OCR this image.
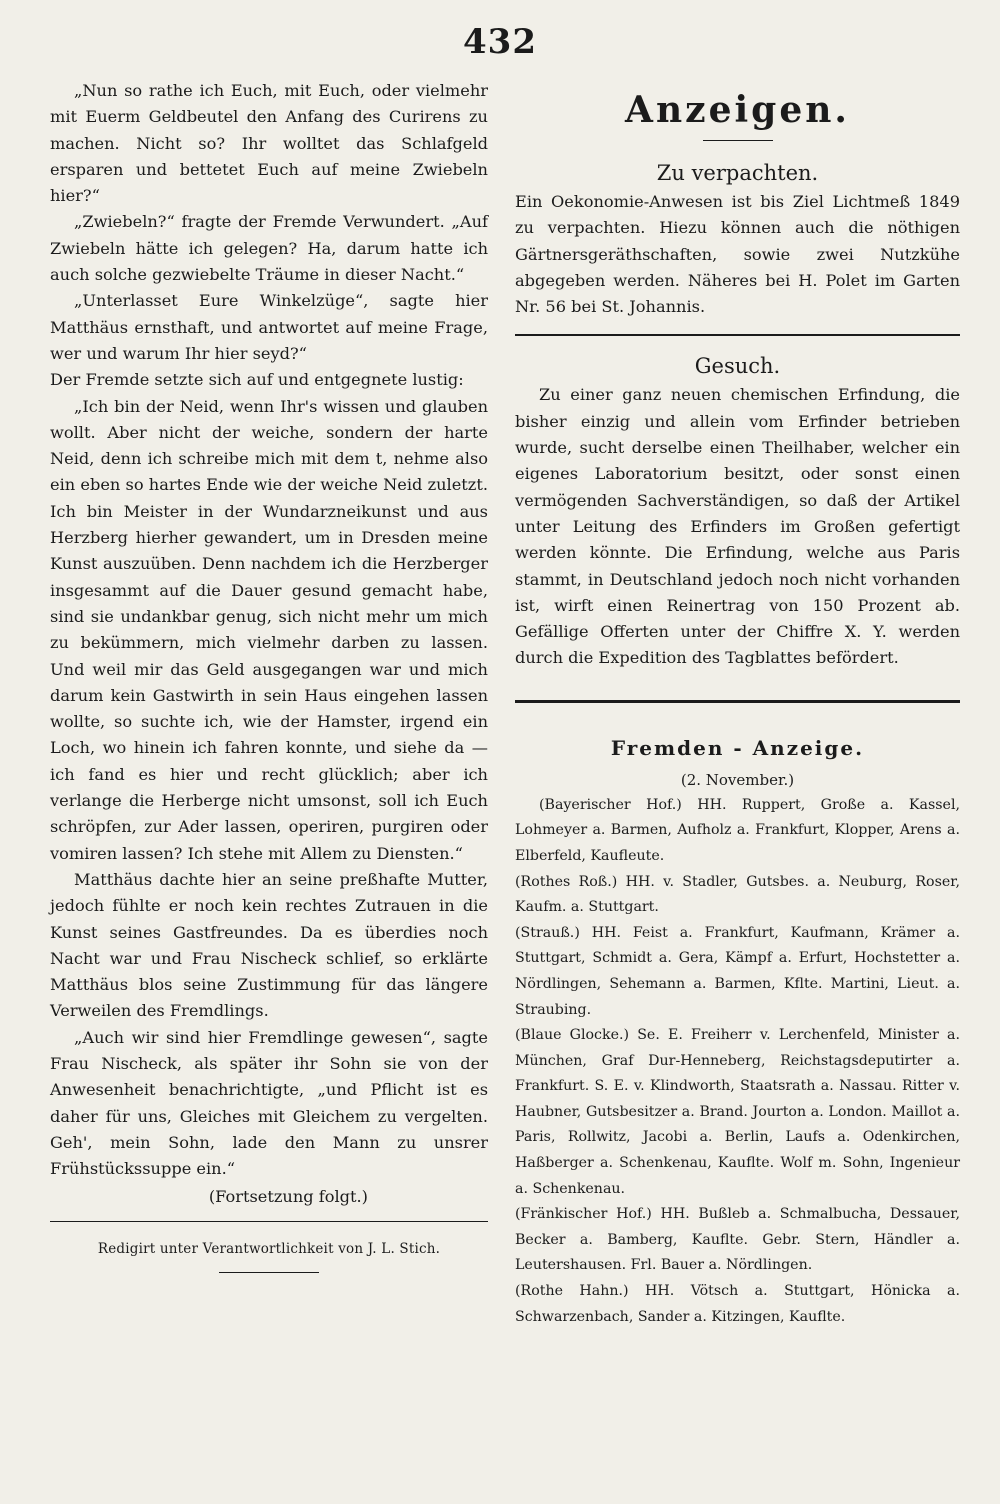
432

„Nun so rathe ich Euch, mit Euch, oder vielmehr mit Euerm Geldbeutel den Anfang des Curirens zu machen. Nicht so? Ihr wolltet das Schlafgeld ersparen und bettetet Euch auf meine Zwiebeln hier?“

„Zwiebeln?“ fragte der Fremde Verwundert. „Auf Zwiebeln hätte ich gelegen? Ha, darum hatte ich auch solche gezwiebelte Träume in dieser Nacht.“

„Unterlasset Eure Winkelzüge“, sagte hier Matthäus ernsthaft, und antwortet auf meine Frage, wer und warum Ihr hier seyd?“

Der Fremde setzte sich auf und entgegnete lustig:

„Ich bin der Neid, wenn Ihr's wissen und glauben wollt. Aber nicht der weiche, sondern der harte Neid, denn ich schreibe mich mit dem t, nehme also ein eben so hartes Ende wie der weiche Neid zuletzt. Ich bin Meister in der Wundarzneikunst und aus Herzberg hierher gewandert, um in Dresden meine Kunst auszuüben. Denn nachdem ich die Herzberger insgesammt auf die Dauer gesund gemacht habe, sind sie undankbar genug, sich nicht mehr um mich zu bekümmern, mich vielmehr darben zu lassen. Und weil mir das Geld ausgegangen war und mich darum kein Gastwirth in sein Haus eingehen lassen wollte, so suchte ich, wie der Hamster, irgend ein Loch, wo hinein ich fahren konnte, und siehe da — ich fand es hier und recht glücklich; aber ich verlange die Herberge nicht umsonst, soll ich Euch schröpfen, zur Ader lassen, operiren, purgiren oder vomiren lassen? Ich stehe mit Allem zu Diensten.“

Matthäus dachte hier an seine preßhafte Mutter, jedoch fühlte er noch kein rechtes Zutrauen in die Kunst seines Gastfreundes. Da es überdies noch Nacht war und Frau Nischeck schlief, so erklärte Matthäus blos seine Zustimmung für das längere Verweilen des Fremdlings.

„Auch wir sind hier Fremdlinge gewesen“, sagte Frau Nischeck, als später ihr Sohn sie von der Anwesenheit benachrichtigte, „und Pflicht ist es daher für uns, Gleiches mit Gleichem zu vergelten. Geh', mein Sohn, lade den Mann zu unsrer Frühstückssuppe ein.“

(Fortsetzung folgt.)
Redigirt unter Verantwortlichkeit von J. L. Stich.
Anzeigen.
Zu verpachten.

Ein Oekonomie-Anwesen ist bis Ziel Lichtmeß 1849 zu verpachten. Hiezu können auch die nöthigen Gärtnersgeräthschaften, sowie zwei Nutzkühe abgegeben werden. Näheres bei H. Polet im Garten Nr. 56 bei St. Johannis.

Gesuch.

Zu einer ganz neuen chemischen Erfindung, die bisher einzig und allein vom Erfinder betrieben wurde, sucht derselbe einen Theilhaber, welcher ein eigenes Laboratorium besitzt, oder sonst einen vermögenden Sachverständigen, so daß der Artikel unter Leitung des Erfinders im Großen gefertigt werden könnte. Die Erfindung, welche aus Paris stammt, in Deutschland jedoch noch nicht vorhanden ist, wirft einen Reinertrag von 150 Prozent ab. Gefällige Offerten unter der Chiffre X. Y. werden durch die Expedition des Tagblattes befördert.

Fremden - Anzeige.
(2. November.)

(Bayerischer Hof.) HH. Ruppert, Große a. Kassel, Lohmeyer a. Barmen, Aufholz a. Frankfurt, Klopper, Arens a. Elberfeld, Kaufleute.

(Rothes Roß.) HH. v. Stadler, Gutsbes. a. Neuburg, Roser, Kaufm. a. Stuttgart.

(Strauß.) HH. Feist a. Frankfurt, Kaufmann, Krämer a. Stuttgart, Schmidt a. Gera, Kämpf a. Erfurt, Hochstetter a. Nördlingen, Sehemann a. Barmen, Kfltе. Martini, Lieut. a. Straubing.

(Blaue Glocke.) Se. E. Freiherr v. Lerchenfeld, Minister a. München, Graf Dur-Henneberg, Reichstagsdeputirter a. Frankfurt. S. E. v. Klindworth, Staatsrath a. Nassau. Ritter v. Haubner, Gutsbesitzer a. Brand. Jourton a. London. Maillot a. Paris, Rollwitz, Jacobi a. Berlin, Laufs a. Odenkirchen, Haßberger a. Schenkenau, Kaufltе. Wolf m. Sohn, Ingenieur a. Schenkenau.

(Fränkischer Hof.) HH. Bußleb a. Schmalbucha, Dessauer, Becker a. Bamberg, Kaufltе. Gebr. Stern, Händler a. Leutershausen. Frl. Bauer a. Nördlingen.

(Rothe Hahn.) HH. Vötsch a. Stuttgart, Hönicka a. Schwarzenbach, Sander a. Kitzingen, Kaufltе.
